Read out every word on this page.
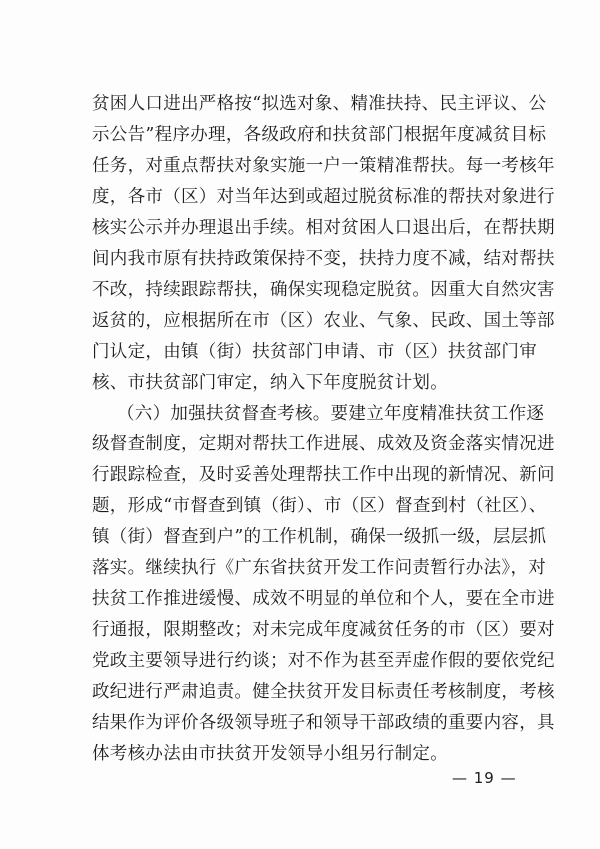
贫困人口进出严格按“拟选对象、精准扶持、民主评议、公
示公告”程序办理，各级政府和扶贫部门根据年度减贫目标
任务，对重点帮扶对象实施一户一策精准帮扶。每一考核年
度，各市（区）对当年达到或超过脱贫标准的帮扶对象进行
核实公示并办理退出手续。相对贫困人口退出后，在帮扶期
间内我市原有扶持政策保持不变，扶持力度不减，结对帮扶
不改，持续跟踪帮扶，确保实现稳定脱贫。因重大自然灾害
返贫的，应根据所在市（区）农业、气象、民政、国土等部
门认定，由镇（街）扶贫部门申请、市（区）扶贫部门审
核、市扶贫部门审定，纳入下年度脱贫计划。
（六）加强扶贫督查考核。要建立年度精准扶贫工作逐
级督查制度，定期对帮扶工作进展、成效及资金落实情况进
行跟踪检查，及时妥善处理帮扶工作中出现的新情况、新问
题，形成“市督查到镇（街）、市（区）督查到村（社区）、
镇（街）督查到户”的工作机制，确保一级抓一级，层层抓
落实。继续执行《广东省扶贫开发工作问责暂行办法》，对
扶贫工作推进缓慢、成效不明显的单位和个人，要在全市进
行通报，限期整改；对未完成年度减贫任务的市（区）要对
党政主要领导进行约谈；对不作为甚至弄虚作假的要依党纪
政纪进行严肃追责。健全扶贫开发目标责任考核制度，考核
结果作为评价各级领导班子和领导干部政绩的重要内容，具
体考核办法由市扶贫开发领导小组另行制定。
— 19 —
